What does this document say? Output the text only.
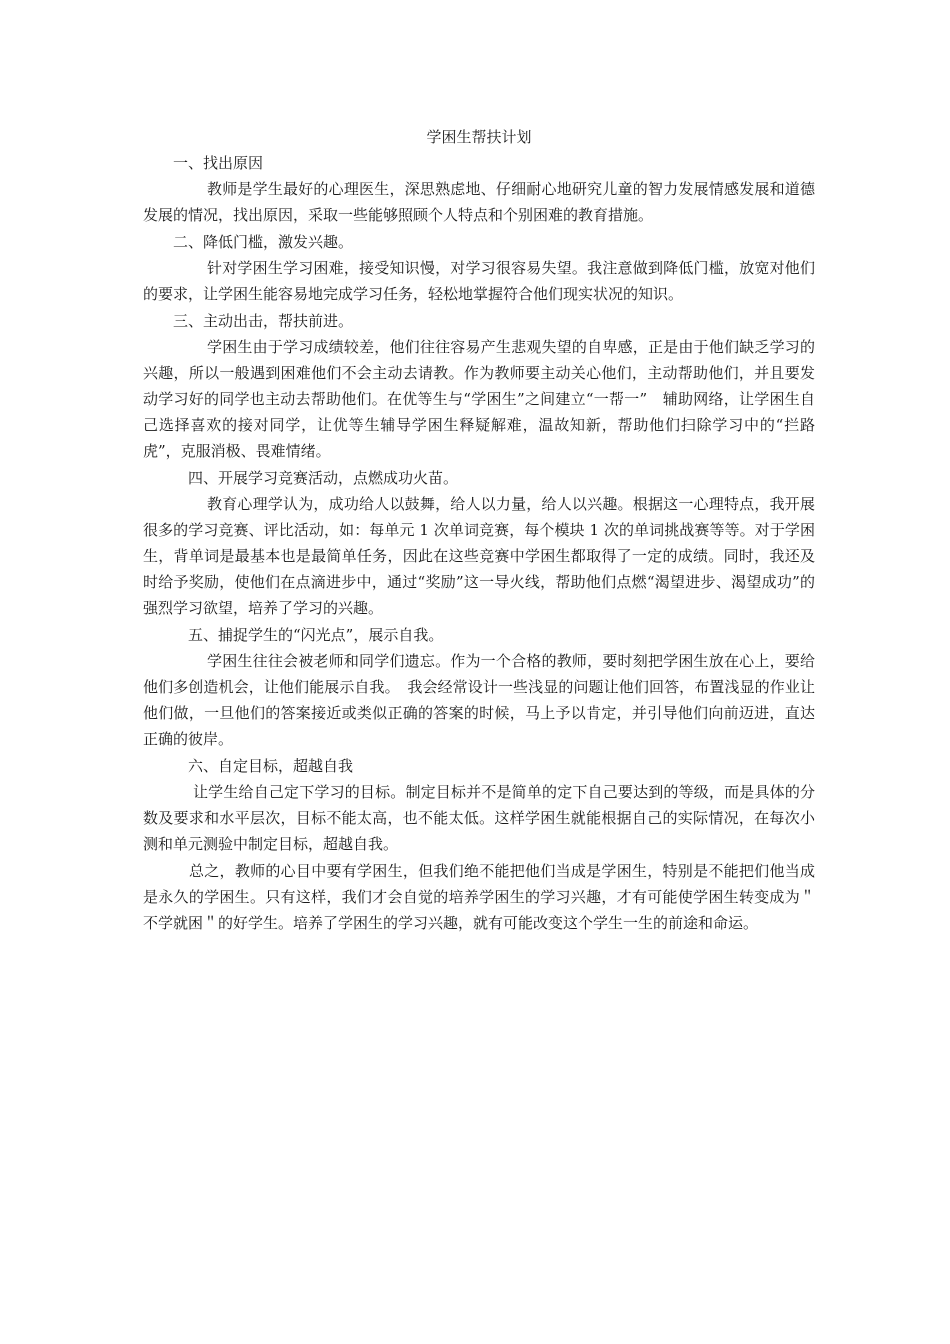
学困生帮扶计划
一、找出原因

教师是学生最好的心理医生，深思熟虑地、仔细耐心地研究儿童的智力发展情感发展和道德发展的情况，找出原因，采取一些能够照顾个人特点和个别困难的教育措施。

二、降低门槛，激发兴趣。

针对学困生学习困难，接受知识慢，对学习很容易失望。我注意做到降低门槛，放宽对他们的要求，让学困生能容易地完成学习任务，轻松地掌握符合他们现实状况的知识。

三、主动出击，帮扶前进。

学困生由于学习成绩较差，他们往往容易产生悲观失望的自卑感，正是由于他们缺乏学习的兴趣，所以一般遇到困难他们不会主动去请教。作为教师要主动关心他们，主动帮助他们，并且要发动学习好的同学也主动去帮助他们。在优等生与“学困生”之间建立“一帮一”　辅助网络，让学困生自己选择喜欢的接对同学，让优等生辅导学困生释疑解难，温故知新，帮助他们扫除学习中的“拦路虎”，克服消极、畏难情绪。

四、开展学习竞赛活动，点燃成功火苗。

教育心理学认为，成功给人以鼓舞，给人以力量，给人以兴趣。根据这一心理特点，我开展很多的学习竞赛、评比活动，如：每单元 1 次单词竞赛，每个模块 1 次的单词挑战赛等等。对于学困生，背单词是最基本也是最简单任务，因此在这些竞赛中学困生都取得了一定的成绩。同时，我还及时给予奖励，使他们在点滴进步中，通过“奖励”这一导火线，帮助他们点燃“渴望进步、渴望成功”的强烈学习欲望，培养了学习的兴趣。

五、捕捉学生的“闪光点”，展示自我。

学困生往往会被老师和同学们遗忘。作为一个合格的教师，要时刻把学困生放在心上，要给他们多创造机会，让他们能展示自我。　我会经常设计一些浅显的问题让他们回答，布置浅显的作业让他们做，一旦他们的答案接近或类似正确的答案的时候，马上予以肯定，并引导他们向前迈进，直达正确的彼岸。

六、自定目标，超越自我

让学生给自己定下学习的目标。制定目标并不是简单的定下自己要达到的等级，而是具体的分数及要求和水平层次，目标不能太高，也不能太低。这样学困生就能根据自己的实际情况，在每次小测和单元测验中制定目标，超越自我。

总之，教师的心目中要有学困生，但我们绝不能把他们当成是学困生，特别是不能把们他当成是永久的学困生。只有这样，我们才会自觉的培养学困生的学习兴趣，才有可能使学困生转变成为＂不学就困＂的好学生。培养了学困生的学习兴趣，就有可能改变这个学生一生的前途和命运。
